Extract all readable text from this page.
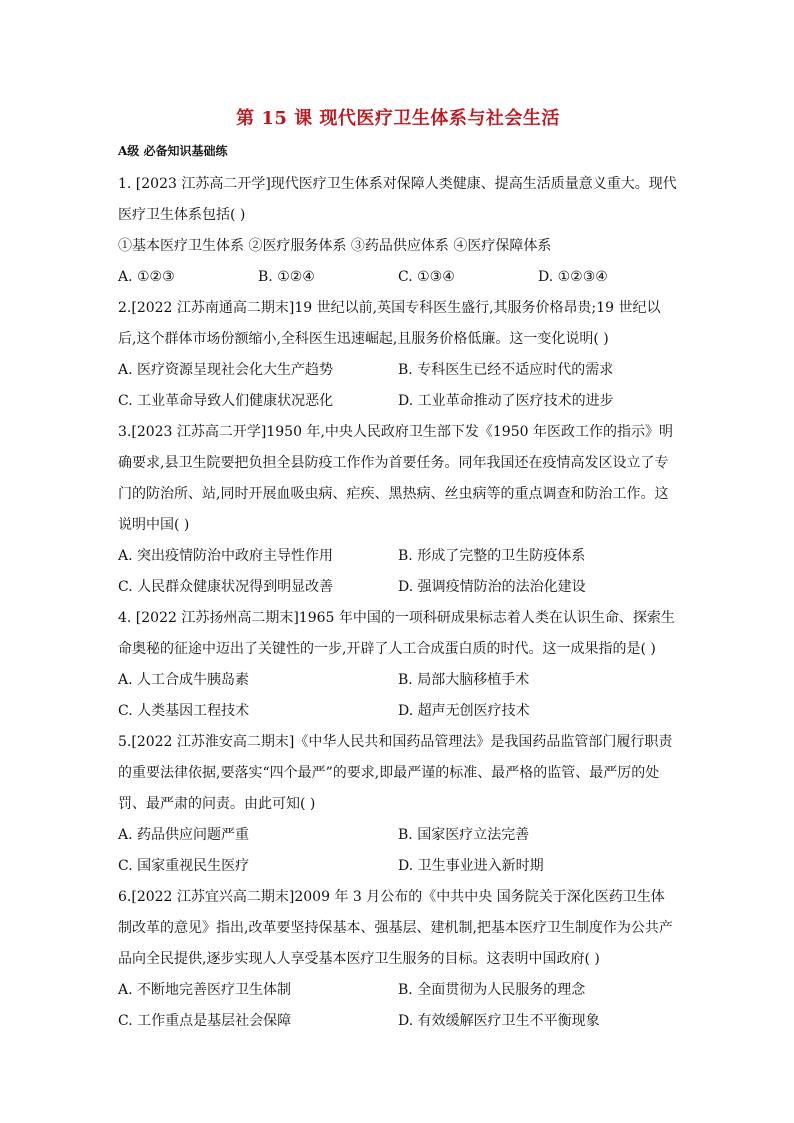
第 15 课 现代医疗卫生体系与社会生活
A级 必备知识基础练

1. [2023 江苏高二开学]现代医疗卫生体系对保障人类健康、提高生活质量意义重大。现代医疗卫生体系包括( )

①基本医疗卫生体系 ②医疗服务体系 ③药品供应体系 ④医疗保障体系
A. ①②③	B. ①②④	C. ①③④	D. ①②③④

2.[2022 江苏南通高二期末]19 世纪以前,英国专科医生盛行,其服务价格昂贵;19 世纪以后,这个群体市场份额缩小,全科医生迅速崛起,且服务价格低廉。这一变化说明( )

A. 医疗资源呈现社会化大生产趋势	B. 专科医生已经不适应时代的需求
C. 工业革命导致人们健康状况恶化	D. 工业革命推动了医疗技术的进步

3.[2023 江苏高二开学]1950 年,中央人民政府卫生部下发《1950 年医政工作的指示》明确要求,县卫生院要把负担全县防疫工作作为首要任务。同年我国还在疫情高发区设立了专门的防治所、站,同时开展血吸虫病、疟疾、黑热病、丝虫病等的重点调查和防治工作。这说明中国( )

A. 突出疫情防治中政府主导性作用	B. 形成了完整的卫生防疫体系
C. 人民群众健康状况得到明显改善	D. 强调疫情防治的法治化建设

4. [2022 江苏扬州高二期末]1965 年中国的一项科研成果标志着人类在认识生命、探索生命奥秘的征途中迈出了关键性的一步,开辟了人工合成蛋白质的时代。这一成果指的是( )

A. 人工合成牛胰岛素	B. 局部大脑移植手术
C. 人类基因工程技术	D. 超声无创医疗技术

5.[2022 江苏淮安高二期末]《中华人民共和国药品管理法》是我国药品监管部门履行职责的重要法律依据,要落实“四个最严”的要求,即最严谨的标准、最严格的监管、最严厉的处罚、最严肃的问责。由此可知( )

A. 药品供应问题严重	B. 国家医疗立法完善
C. 国家重视民生医疗	D. 卫生事业进入新时期

6.[2022 江苏宜兴高二期末]2009 年 3 月公布的《中共中央 国务院关于深化医药卫生体制改革的意见》指出,改革要坚持保基本、强基层、建机制,把基本医疗卫生制度作为公共产品向全民提供,逐步实现人人享受基本医疗卫生服务的目标。这表明中国政府( )

A. 不断地完善医疗卫生体制	B. 全面贯彻为人民服务的理念
C. 工作重点是基层社会保障	D. 有效缓解医疗卫生不平衡现象
